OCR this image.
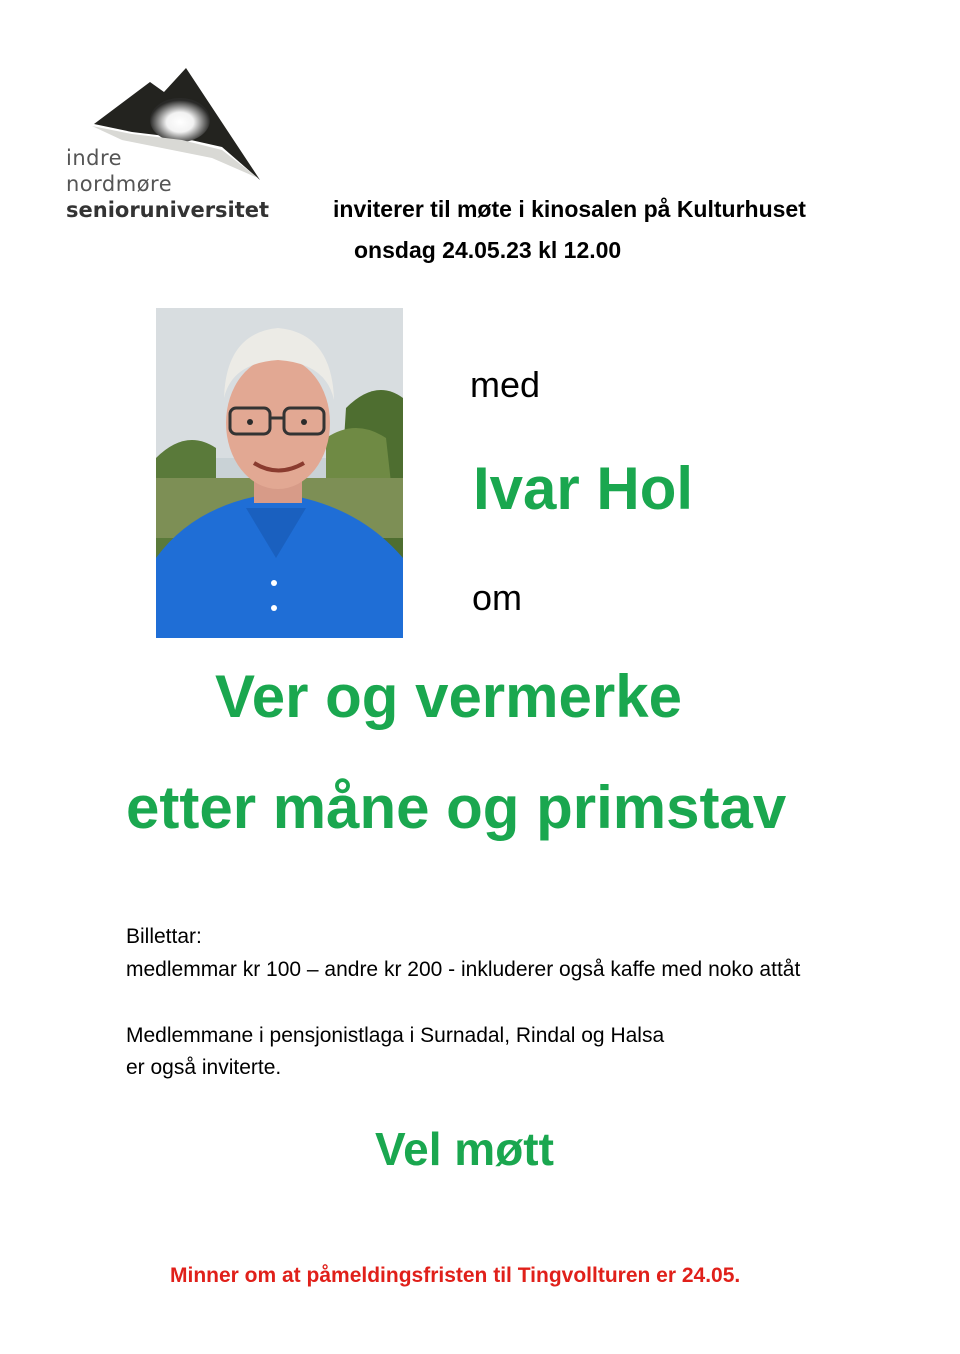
indre
nordmøre
senioruniversitet	inviterer til møte i kinosalen på Kulturhuset
onsdag 24.05.23 kl 12.00
med
Ivar Hol
om
Ver og vermerke
etter måne og primstav
Billettar:
medlemmar kr 100 – andre kr 200 - inkluderer også kaffe med noko attåt
Medlemmane i pensjonistlaga i Surnadal, Rindal og Halsa
er også inviterte.
Vel møtt
Minner om at påmeldingsfristen til Tingvollturen er 24.05.
